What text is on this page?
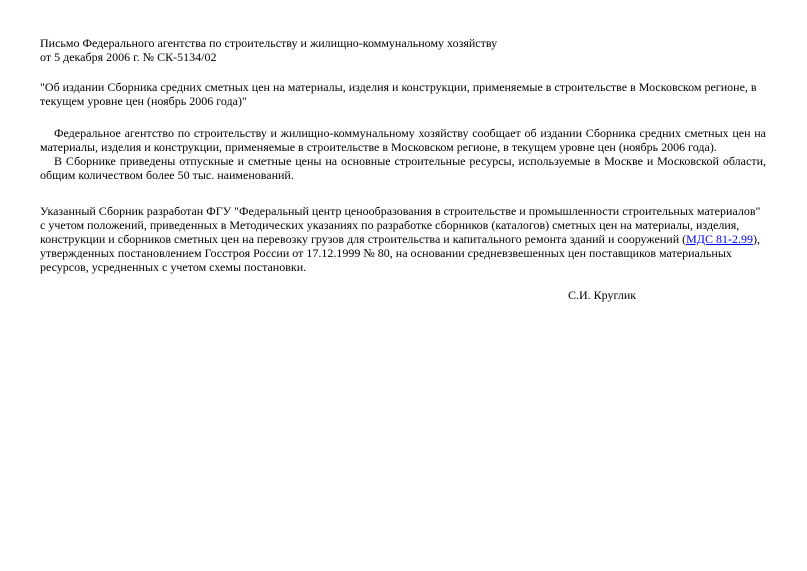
Письмо Федерального агентства по строительству и жилищно-коммунальному хозяйству

от 5 декабря 2006 г. № СК-5134/02

"Об издании Сборника средних сметных цен на материалы, изделия и конструкции, применяемые в строительстве в Московском регионе, в текущем уровне цен (ноябрь 2006 года)"

Федеральное агентство по строительству и жилищно-коммунальному хозяйству сообщает об издании Сборника средних сметных цен на материалы, изделия и конструкции, применяемые в строительстве в Московском регионе, в текущем уровне цен (ноябрь 2006 года).

В Сборнике приведены отпускные и сметные цены на основные строительные ресурсы, используемые в Москве и Московской области, общим количеством более 50 тыс. наименований.

Указанный Сборник разработан ФГУ "Федеральный центр ценообразования в строительстве и промышленности строительных материалов" с учетом положений, приведенных в Методических указаниях по разработке сборников (каталогов) сметных цен на материалы, изделия, конструкции и сборников сметных цен на перевозку грузов для строительства и капитального ремонта зданий и сооружений (МДС 81-2.99), утвержденных постановлением Госстроя России от 17.12.1999 № 80, на основании средневзвешенных цен поставщиков материальных ресурсов, усредненных с учетом схемы постановки.

С.И. Круглик
